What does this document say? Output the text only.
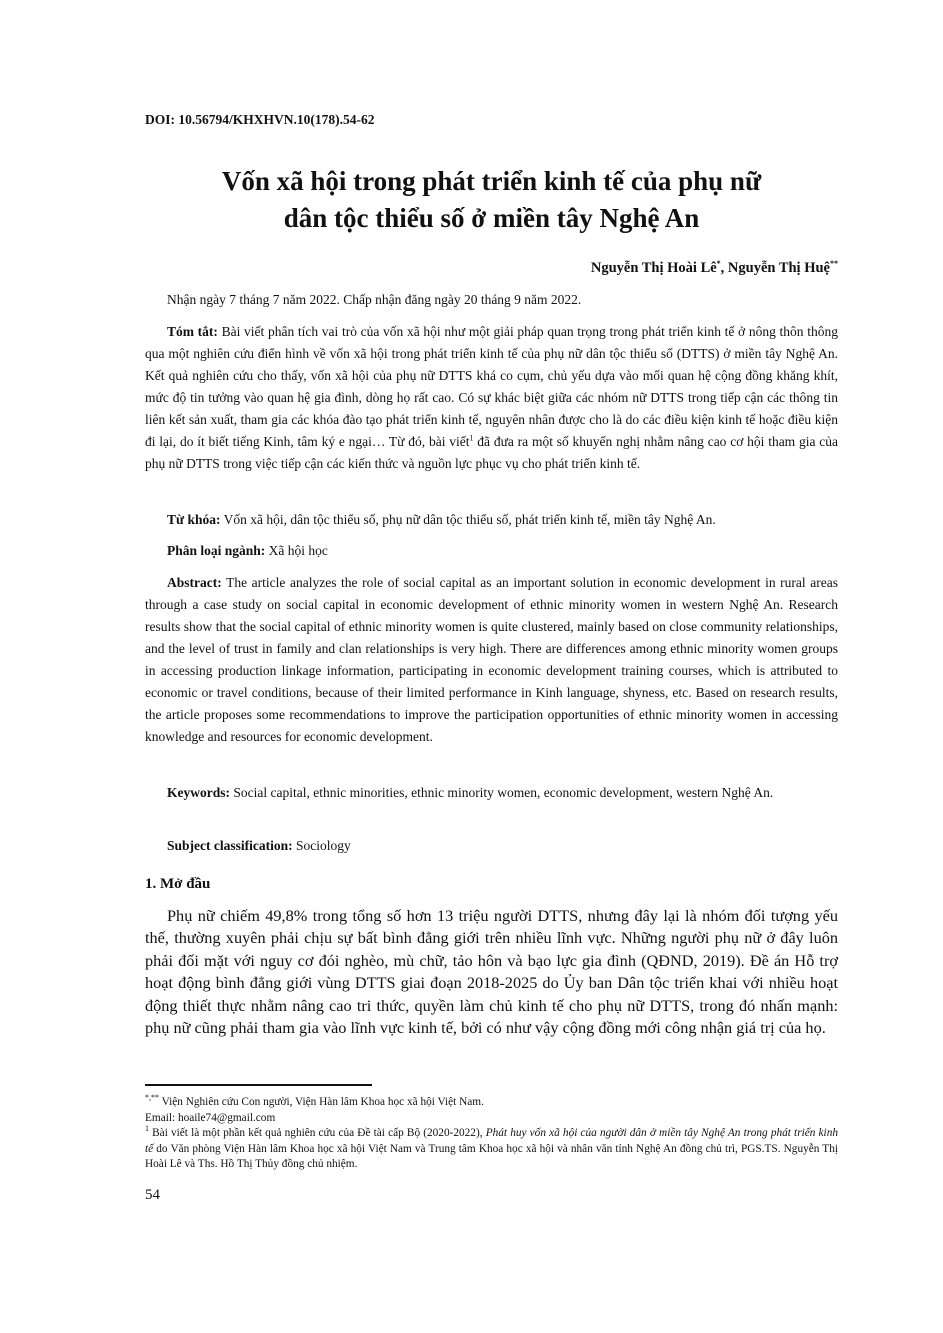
DOI: 10.56794/KHXHVN.10(178).54-62
Vốn xã hội trong phát triển kinh tế của phụ nữ
dân tộc thiểu số ở miền tây Nghệ An
Nguyễn Thị Hoài Lê*, Nguyễn Thị Huệ**
Nhận ngày 7 tháng 7 năm 2022. Chấp nhận đăng ngày 20 tháng 9 năm 2022.

Tóm tắt: Bài viết phân tích vai trò của vốn xã hội như một giải pháp quan trọng trong phát triển kinh tế ở nông thôn thông qua một nghiên cứu điển hình về vốn xã hội trong phát triển kinh tế của phụ nữ dân tộc thiểu số (DTTS) ở miền tây Nghệ An. Kết quả nghiên cứu cho thấy, vốn xã hội của phụ nữ DTTS khá co cụm, chủ yếu dựa vào mối quan hệ cộng đồng khăng khít, mức độ tin tưởng vào quan hệ gia đình, dòng họ rất cao. Có sự khác biệt giữa các nhóm nữ DTTS trong tiếp cận các thông tin liên kết sản xuất, tham gia các khóa đào tạo phát triển kinh tế, nguyên nhân được cho là do các điều kiện kinh tế hoặc điều kiện đi lại, do ít biết tiếng Kinh, tâm ký e ngại… Từ đó, bài viết$^1$ đã đưa ra một số khuyến nghị nhằm nâng cao cơ hội tham gia của phụ nữ DTTS trong việc tiếp cận các kiến thức và nguồn lực phục vụ cho phát triển kinh tế.

Từ khóa: Vốn xã hội, dân tộc thiểu số, phụ nữ dân tộc thiểu số, phát triển kinh tế, miền tây Nghệ An.

Phân loại ngành: Xã hội học

Abstract: The article analyzes the role of social capital as an important solution in economic development in rural areas through a case study on social capital in economic development of ethnic minority women in western Nghệ An. Research results show that the social capital of ethnic minority women is quite clustered, mainly based on close community relationships, and the level of trust in family and clan relationships is very high. There are differences among ethnic minority women groups in accessing production linkage information, participating in economic development training courses, which is attributed to economic or travel conditions, because of their limited performance in Kinh language, shyness, etc. Based on research results, the article proposes some recommendations to improve the participation opportunities of ethnic minority women in accessing knowledge and resources for economic development.

Keywords: Social capital, ethnic minorities, ethnic minority women, economic development, western Nghệ An.

Subject classification: Sociology

1. Mở đầu

Phụ nữ chiếm 49,8% trong tổng số hơn 13 triệu người DTTS, nhưng đây lại là nhóm đối tượng yếu thế, thường xuyên phải chịu sự bất bình đẳng giới trên nhiều lĩnh vực. Những người phụ nữ ở đây luôn phải đối mặt với nguy cơ đói nghèo, mù chữ, tảo hôn và bạo lực gia đình (QĐND, 2019). Đề án Hỗ trợ hoạt động bình đẳng giới vùng DTTS giai đoạn 2018-2025 do Ủy ban Dân tộc triển khai với nhiều hoạt động thiết thực nhằm nâng cao tri thức, quyền làm chủ kinh tế cho phụ nữ DTTS, trong đó nhấn mạnh: phụ nữ cũng phải tham gia vào lĩnh vực kinh tế, bởi có như vậy cộng đồng mới công nhận giá trị của họ.

*,** Viện Nghiên cứu Con người, Viện Hàn lâm Khoa học xã hội Việt Nam.

Email: hoaile74@gmail.com

$^1$ Bài viết là một phần kết quả nghiên cứu của Đề tài cấp Bộ (2020-2022), Phát huy vốn xã hội của người dân ở miền tây Nghệ An trong phát triển kinh tế do Văn phòng Viện Hàn lâm Khoa học xã hội Việt Nam và Trung tâm Khoa học xã hội và nhân văn tỉnh Nghệ An đồng chủ trì, PGS.TS. Nguyễn Thị Hoài Lê và Ths. Hồ Thị Thủy đồng chủ nhiệm.

54
